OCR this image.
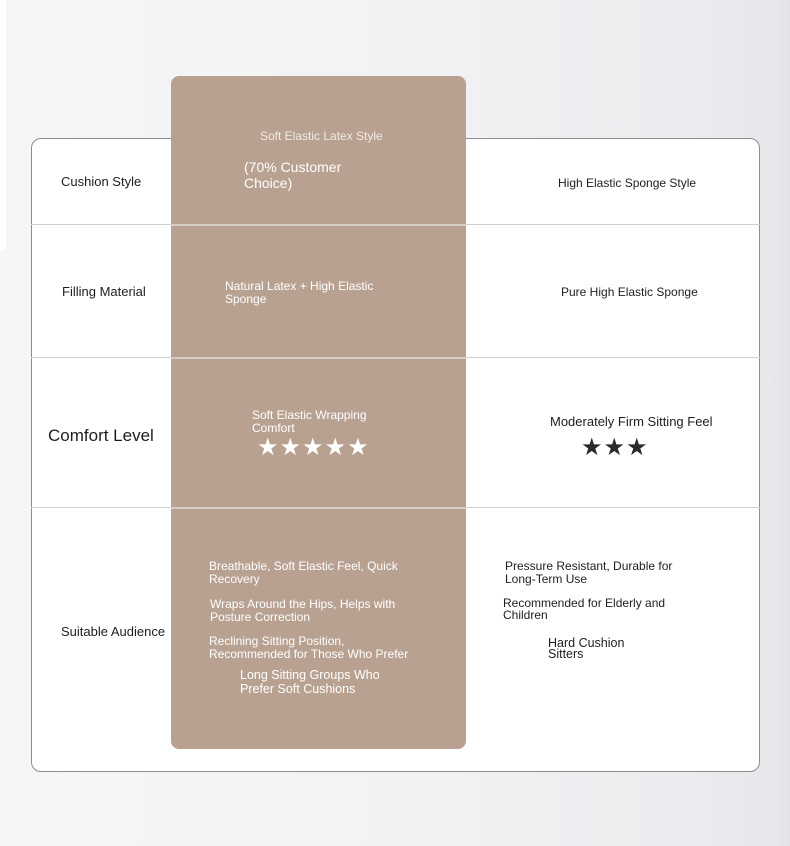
Cushion Style
Filling Material
Comfort Level
Suitable Audience
Soft Elastic Latex Style
(70% Customer
Choice)	High Elastic Sponge Style
Natural Latex + High Elastic
Sponge	Pure High Elastic Sponge
Soft Elastic Wrapping
Comfort
★★★★★
Moderately Firm Sitting Feel
★★★
Breathable, Soft Elastic Feel, Quick
Recovery
Wraps Around the Hips, Helps with
Posture Correction
Reclining Sitting Position,
Recommended for Those Who Prefer
Long Sitting Groups Who
Prefer Soft Cushions
Pressure Resistant, Durable for
Long-Term Use
Recommended for Elderly and
Children
Hard Cushion
Sitters
